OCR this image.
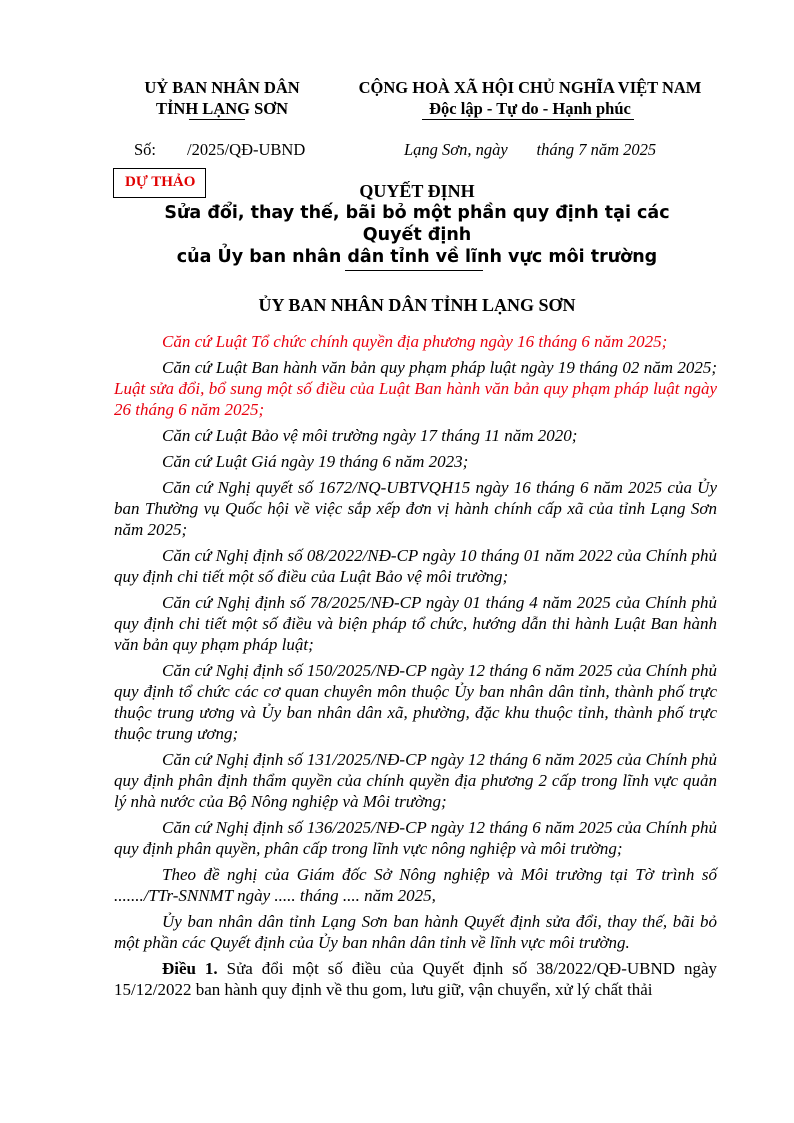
UỶ BAN NHÂN DÂN
TỈNH LẠNG SƠN
CỘNG HOÀ XÃ HỘI CHỦ NGHĨA VIỆT NAM
Độc lập - Tự do - Hạnh phúc
Số: /2025/QĐ-UBND	Lạng Sơn, ngày       tháng 7 năm 2025
DỰ THẢO	QUYẾT ĐỊNH
Sửa đổi, thay thế, bãi bỏ một phần quy định tại các
Quyết định
của Ủy ban nhân dân tỉnh về lĩnh vực môi trường
ỦY BAN NHÂN DÂN TỈNH LẠNG SƠN

Căn cứ Luật Tổ chức chính quyền địa phương ngày 16 tháng 6 năm 2025;

Căn cứ Luật Ban hành văn bản quy phạm pháp luật ngày 19 tháng 02 năm 2025; Luật sửa đổi, bổ sung một số điều của Luật Ban hành văn bản quy phạm pháp luật ngày 26 tháng 6 năm 2025;

Căn cứ Luật Bảo vệ môi trường ngày 17 tháng 11 năm 2020;

Căn cứ Luật Giá ngày 19 tháng 6 năm 2023;

Căn cứ Nghị quyết số 1672/NQ-UBTVQH15 ngày 16 tháng 6 năm 2025 của Ủy ban Thường vụ Quốc hội về việc sắp xếp đơn vị hành chính cấp xã của tỉnh Lạng Sơn năm 2025;

Căn cứ Nghị định số 08/2022/NĐ-CP ngày 10 tháng 01 năm 2022 của Chính phủ quy định chi tiết một số điều của Luật Bảo vệ môi trường;

Căn cứ Nghị định số 78/2025/NĐ-CP ngày 01 tháng 4 năm 2025 của Chính phủ quy định chi tiết một số điều và biện pháp tổ chức, hướng dẫn thi hành Luật Ban hành văn bản quy phạm pháp luật;

Căn cứ Nghị định số 150/2025/NĐ-CP ngày 12 tháng 6 năm 2025 của Chính phủ quy định tổ chức các cơ quan chuyên môn thuộc Ủy ban nhân dân tỉnh, thành phố trực thuộc trung ương và Ủy ban nhân dân xã, phường, đặc khu thuộc tỉnh, thành phố trực thuộc trung ương;

Căn cứ Nghị định số 131/2025/NĐ-CP ngày 12 tháng 6 năm 2025 của Chính phủ quy định phân định thẩm quyền của chính quyền địa phương 2 cấp trong lĩnh vực quản lý nhà nước của Bộ Nông nghiệp và Môi trường;

Căn cứ Nghị định số 136/2025/NĐ-CP ngày 12 tháng 6 năm 2025 của Chính phủ quy định phân quyền, phân cấp trong lĩnh vực nông nghiệp và môi trường;

Theo đề nghị của Giám đốc Sở Nông nghiệp và Môi trường tại Tờ trình số ......./TTr-SNNMT ngày ..... tháng .... năm 2025,

Ủy ban nhân dân tỉnh Lạng Sơn ban hành Quyết định sửa đổi, thay thế, bãi bỏ một phần các Quyết định của Ủy ban nhân dân tỉnh về lĩnh vực môi trường.

Điều 1. Sửa đổi một số điều của Quyết định số 38/2022/QĐ-UBND ngày 15/12/2022 ban hành quy định về thu gom, lưu giữ, vận chuyển, xử lý chất thải
